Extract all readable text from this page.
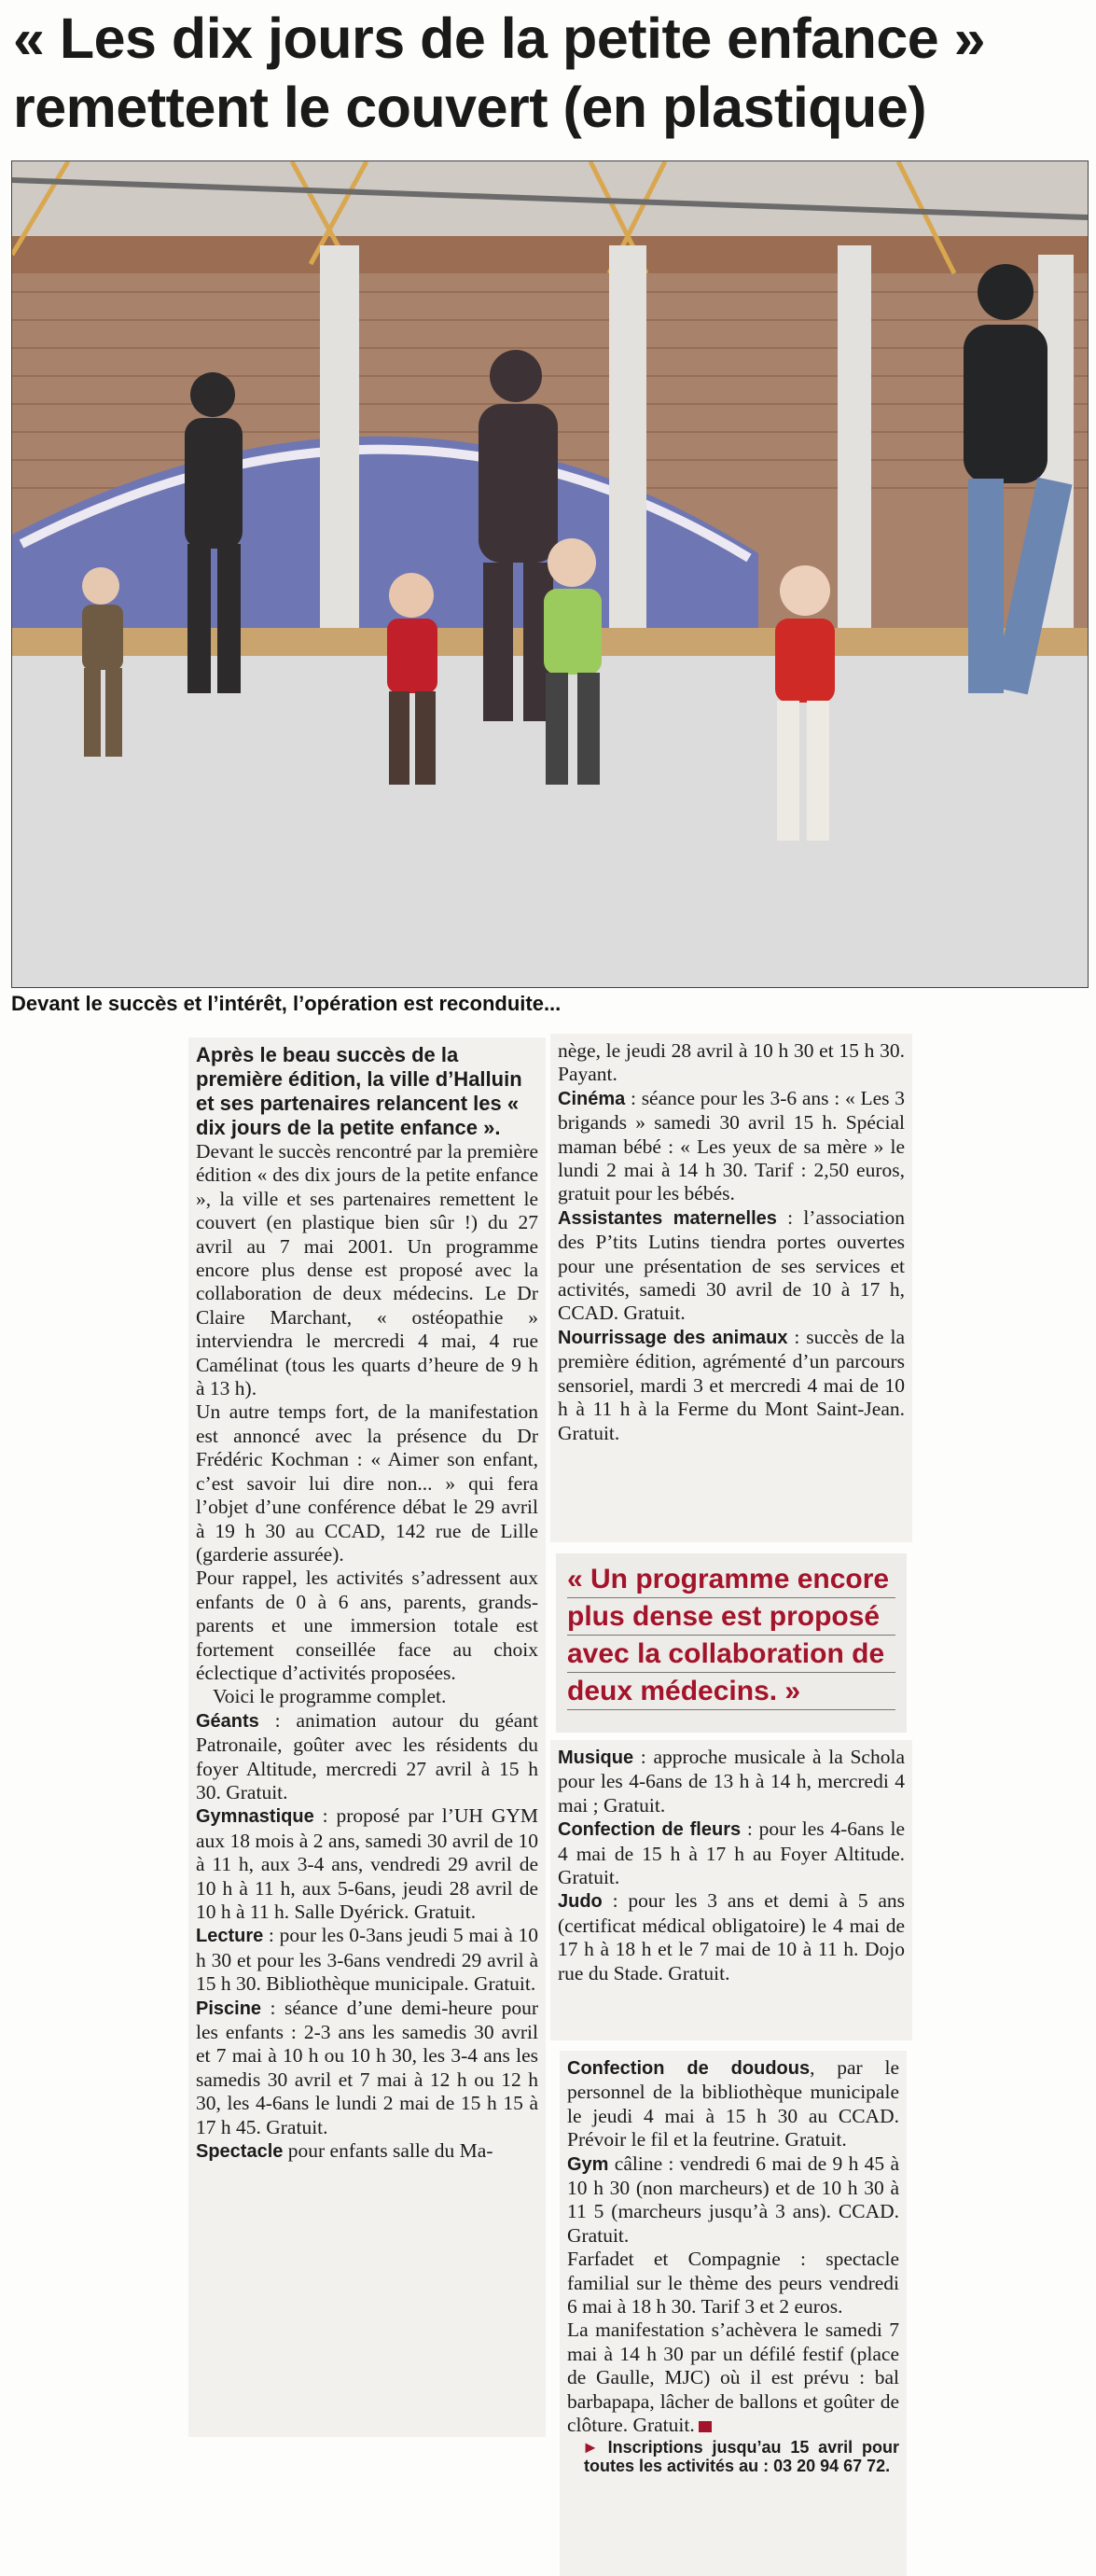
« Les dix jours de la petite enfance »
remettent le couvert (en plastique)
Devant le succès et l’intérêt, l’opération est reconduite...

Après le beau succès de la première édition, la ville d’Halluin et ses partenaires relancent les « dix jours de la petite enfance ».

Devant le succès rencontré par la première édition « des dix jours de la petite enfance », la ville et ses partenaires remettent le couvert (en plastique bien sûr !) du 27 avril au 7 mai 2001. Un programme encore plus dense est proposé avec la collaboration de deux médecins. Le Dr Claire Marchant, « ostéopathie » interviendra le mercredi 4 mai, 4 rue Camélinat (tous les quarts d’heure de 9 h à 13 h).

Un autre temps fort, de la manifestation est annoncé avec la présence du Dr Frédéric Kochman : « Aimer son enfant, c’est savoir lui dire non... » qui fera l’objet d’une conférence débat le 29 avril à 19 h 30 au CCAD, 142 rue de Lille (garderie assurée).

Pour rappel, les activités s’adressent aux enfants de 0 à 6 ans, parents, grands-parents et une immersion totale est fortement conseillée face au choix éclectique d’activités proposées.

Voici le programme complet.

Géants : animation autour du géant Patronaile, goûter avec les résidents du foyer Altitude, mercredi 27 avril à 15 h 30. Gratuit.

Gymnastique : proposé par l’UH GYM aux 18 mois à 2 ans, samedi 30 avril de 10 à 11 h, aux 3-4 ans, vendredi 29 avril de 10 h à 11 h, aux 5-6ans, jeudi 28 avril de 10 h à 11 h. Salle Dyérick. Gratuit.

Lecture : pour les 0-3ans jeudi 5 mai à 10 h 30 et pour les 3-6ans vendredi 29 avril à 15 h 30. Bibliothèque municipale. Gratuit.

Piscine : séance d’une demi-heure pour les enfants : 2-3 ans les samedis 30 avril et 7 mai à 10 h ou 10 h 30, les 3-4 ans les samedis 30 avril et 7 mai à 12 h ou 12 h 30, les 4-6ans le lundi 2 mai de 15 h 15 à 17 h 45. Gratuit.

Spectacle pour enfants salle du Ma-

nège, le jeudi 28 avril à 10 h 30 et 15 h 30. Payant.

Cinéma : séance pour les 3-6 ans : « Les 3 brigands » samedi 30 avril 15 h. Spécial maman bébé : « Les yeux de sa mère » le lundi 2 mai à 14 h 30. Tarif : 2,50 euros, gratuit pour les bébés.

Assistantes maternelles : l’association des P’tits Lutins tiendra portes ouvertes pour une présentation de ses services et activités, samedi 30 avril de 10 à 17 h, CCAD. Gratuit.

Nourrissage des animaux : succès de la première édition, agrémenté d’un parcours sensoriel, mardi 3 et mercredi 4 mai de 10 h à 11 h à la Ferme du Mont Saint-Jean. Gratuit.

« Un programme encore
plus dense est proposé
avec la collaboration de
deux médecins. »

Musique : approche musicale à la Schola pour les 4-6ans de 13 h à 14 h, mercredi 4 mai ; Gratuit.

Confection de fleurs : pour les 4-6ans le 4 mai de 15 h à 17 h au Foyer Altitude. Gratuit.

Judo : pour les 3 ans et demi à 5 ans (certificat médical obligatoire) le 4 mai de 17 h à 18 h et le 7 mai de 10 à 11 h. Dojo rue du Stade. Gratuit.

Confection de doudous, par le personnel de la bibliothèque municipale le jeudi 4 mai à 15 h 30 au CCAD. Prévoir le fil et la feutrine. Gratuit.

Gym câline : vendredi 6 mai de 9 h 45 à 10 h 30 (non marcheurs) et de 10 h 30 à 11 5 (marcheurs jusqu’à 3 ans). CCAD. Gratuit.

Farfadet et Compagnie : spectacle familial sur le thème des peurs vendredi 6 mai à 18 h 30. Tarif 3 et 2 euros.

La manifestation s’achèvera le samedi 7 mai à 14 h 30 par un défilé festif (place de Gaulle, MJC) où il est prévu : bal barbapapa, lâcher de ballons et goûter de clôture. Gratuit.

► Inscriptions jusqu’au 15 avril pour toutes les activités au : 03 20 94 67 72.
